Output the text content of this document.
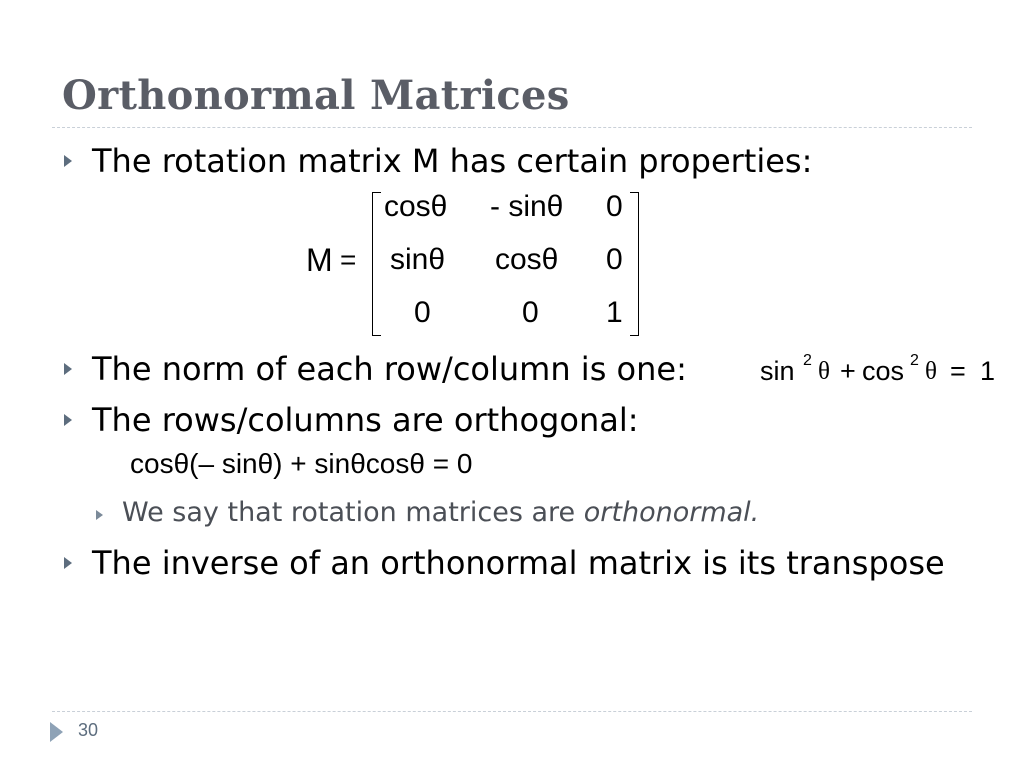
Orthonormal Matrices
The rotation matrix M has certain properties:
M =
cosθ - sinθ 0
sinθ cosθ 0
0	0 1
The norm of each row/column is one:	sin 2 θ + cos 2 θ = 1
The rows/columns are orthogonal:
cosθ(– sinθ) + sinθcosθ = 0
We say that rotation matrices are orthonormal.
The inverse of an orthonormal matrix is its transpose
30
